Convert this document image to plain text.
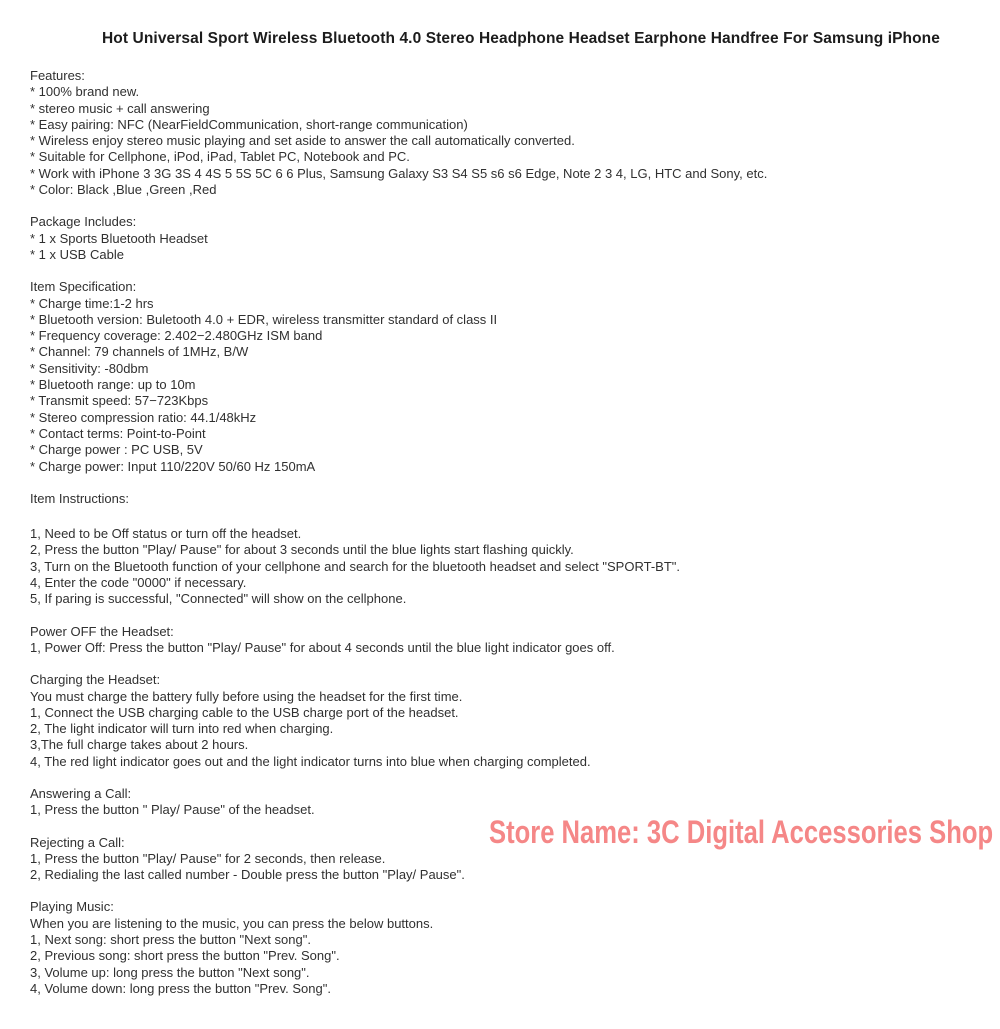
Hot Universal Sport Wireless Bluetooth 4.0 Stereo Headphone Headset Earphone Handfree For Samsung iPhone
Features:
* 100% brand new.
* stereo music + call answering
* Easy pairing: NFC (NearFieldCommunication, short-range communication)
* Wireless enjoy stereo music playing and set aside to answer the call automatically converted.
* Suitable for Cellphone, iPod, iPad, Tablet PC, Notebook and PC.
* Work with iPhone 3 3G 3S 4 4S 5 5S 5C 6 6 Plus, Samsung Galaxy S3 S4 S5 s6 s6 Edge, Note 2 3 4, LG, HTC and Sony, etc.
* Color: Black ,Blue ,Green ,Red
Package Includes:
* 1 x Sports Bluetooth Headset
* 1 x USB Cable
Item Specification:
* Charge time:1-2 hrs
* Bluetooth version: Buletooth 4.0 + EDR, wireless transmitter standard of class II
* Frequency coverage: 2.402−2.480GHz ISM band
* Channel: 79 channels of 1MHz, B/W
* Sensitivity: -80dbm
* Bluetooth range: up to 10m
* Transmit speed: 57−723Kbps
* Stereo compression ratio: 44.1/48kHz
* Contact terms: Point-to-Point
* Charge power : PC USB, 5V
* Charge power: Input 110/220V 50/60 Hz 150mA
Item Instructions:
1, Need to be Off status or turn off the headset.
2, Press the button "Play/ Pause" for about 3 seconds until the blue lights start flashing quickly.
3, Turn on the Bluetooth function of your cellphone and search for the bluetooth headset and select "SPORT-BT".
4, Enter the code "0000" if necessary.
5, If paring is successful, "Connected" will show on the cellphone.
Power OFF the Headset:
1, Power Off: Press the button "Play/ Pause" for about 4 seconds until the blue light indicator goes off.
Charging the Headset:
You must charge the battery fully before using the headset for the first time.
1, Connect the USB charging cable to the USB charge port of the headset.
2, The light indicator will turn into red when charging.
3,The full charge takes about 2 hours.
4, The red light indicator goes out and the light indicator turns into blue when charging completed.
Answering a Call:
1, Press the button " Play/ Pause" of the headset.
Rejecting a Call:
1, Press the button "Play/ Pause" for 2 seconds, then release.
2, Redialing the last called number - Double press the button "Play/ Pause".
Playing Music:
When you are listening to the music, you can press the below buttons.
1, Next song: short press the button "Next song".
2, Previous song: short press the button "Prev. Song".
3, Volume up: long press the button "Next song".
4, Volume down: long press the button "Prev. Song".
Store Name: 3C Digital Accessories Shop
